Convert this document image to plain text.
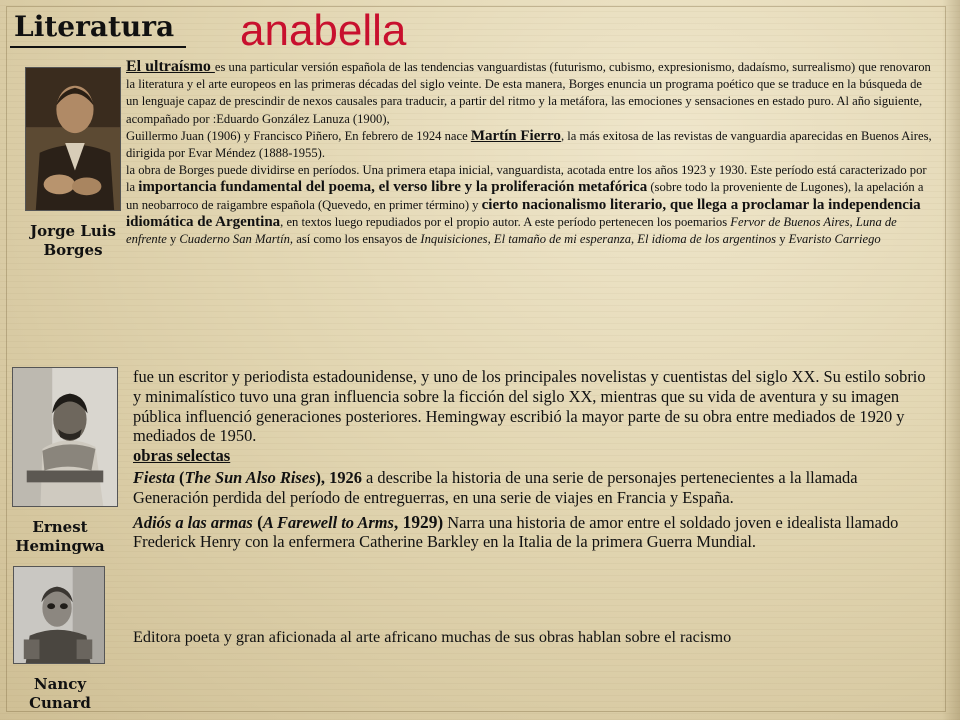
Literatura anabella
Jorge Luis
Borges
El ultraísmo es una particular versión española de las tendencias vanguardistas (futurismo, cubismo, expresionismo, dadaísmo, surrealismo) que renovaron la literatura y el arte europeos en las primeras décadas del siglo veinte. De esta manera, Borges enuncia un programa poético que se traduce en la búsqueda de un lenguaje capaz de prescindir de nexos causales para traducir, a partir del ritmo y la metáfora, las emociones y sensaciones en estado puro. Al año siguiente, acompañado por :Eduardo González Lanuza (1900),
Guillermo Juan (1906) y Francisco Piñero, En febrero de 1924 nace Martín Fierro, la más exitosa de las revistas de vanguardia aparecidas en Buenos Aires, dirigida por Evar Méndez (1888-1955).
la obra de Borges puede dividirse en períodos. Una primera etapa inicial, vanguardista, acotada entre los años 1923 y 1930. Este período está caracterizado por la importancia fundamental del poema, el verso libre y la proliferación metafórica (sobre todo la proveniente de Lugones), la apelación a un neobarroco de raigambre española (Quevedo, en primer término) y cierto nacionalismo literario, que llega a proclamar la independencia idiomática de Argentina, en textos luego repudiados por el propio autor. A este período pertenecen los poemarios Fervor de Buenos Aires, Luna de enfrente y Cuaderno San Martín, así como los ensayos de Inquisiciones, El tamaño de mi esperanza, El idioma de los argentinos y Evaristo Carriego
Ernest
Hemingwa
fue un escritor y periodista estadounidense, y uno de los principales novelistas y cuentistas del siglo XX. Su estilo sobrio y minimalístico tuvo una gran influencia sobre la ficción del siglo XX, mientras que su vida de aventura y su imagen pública influenció generaciones posteriores. Hemingway escribió la mayor parte de su obra entre mediados de 1920 y mediados de 1950.
obras selectas
Fiesta (The Sun Also Rises), 1926 a describe la historia de una serie de personajes pertenecientes a la llamada Generación perdida del período de entreguerras, en una serie de viajes en Francia y España.
Adiós a las armas (A Farewell to Arms, 1929) Narra una historia de amor entre el soldado joven e idealista llamado Frederick Henry con la enfermera Catherine Barkley en la Italia de la primera Guerra Mundial.
Nancy
Cunard
Editora poeta y gran aficionada al arte africano muchas de sus obras hablan sobre el racismo
